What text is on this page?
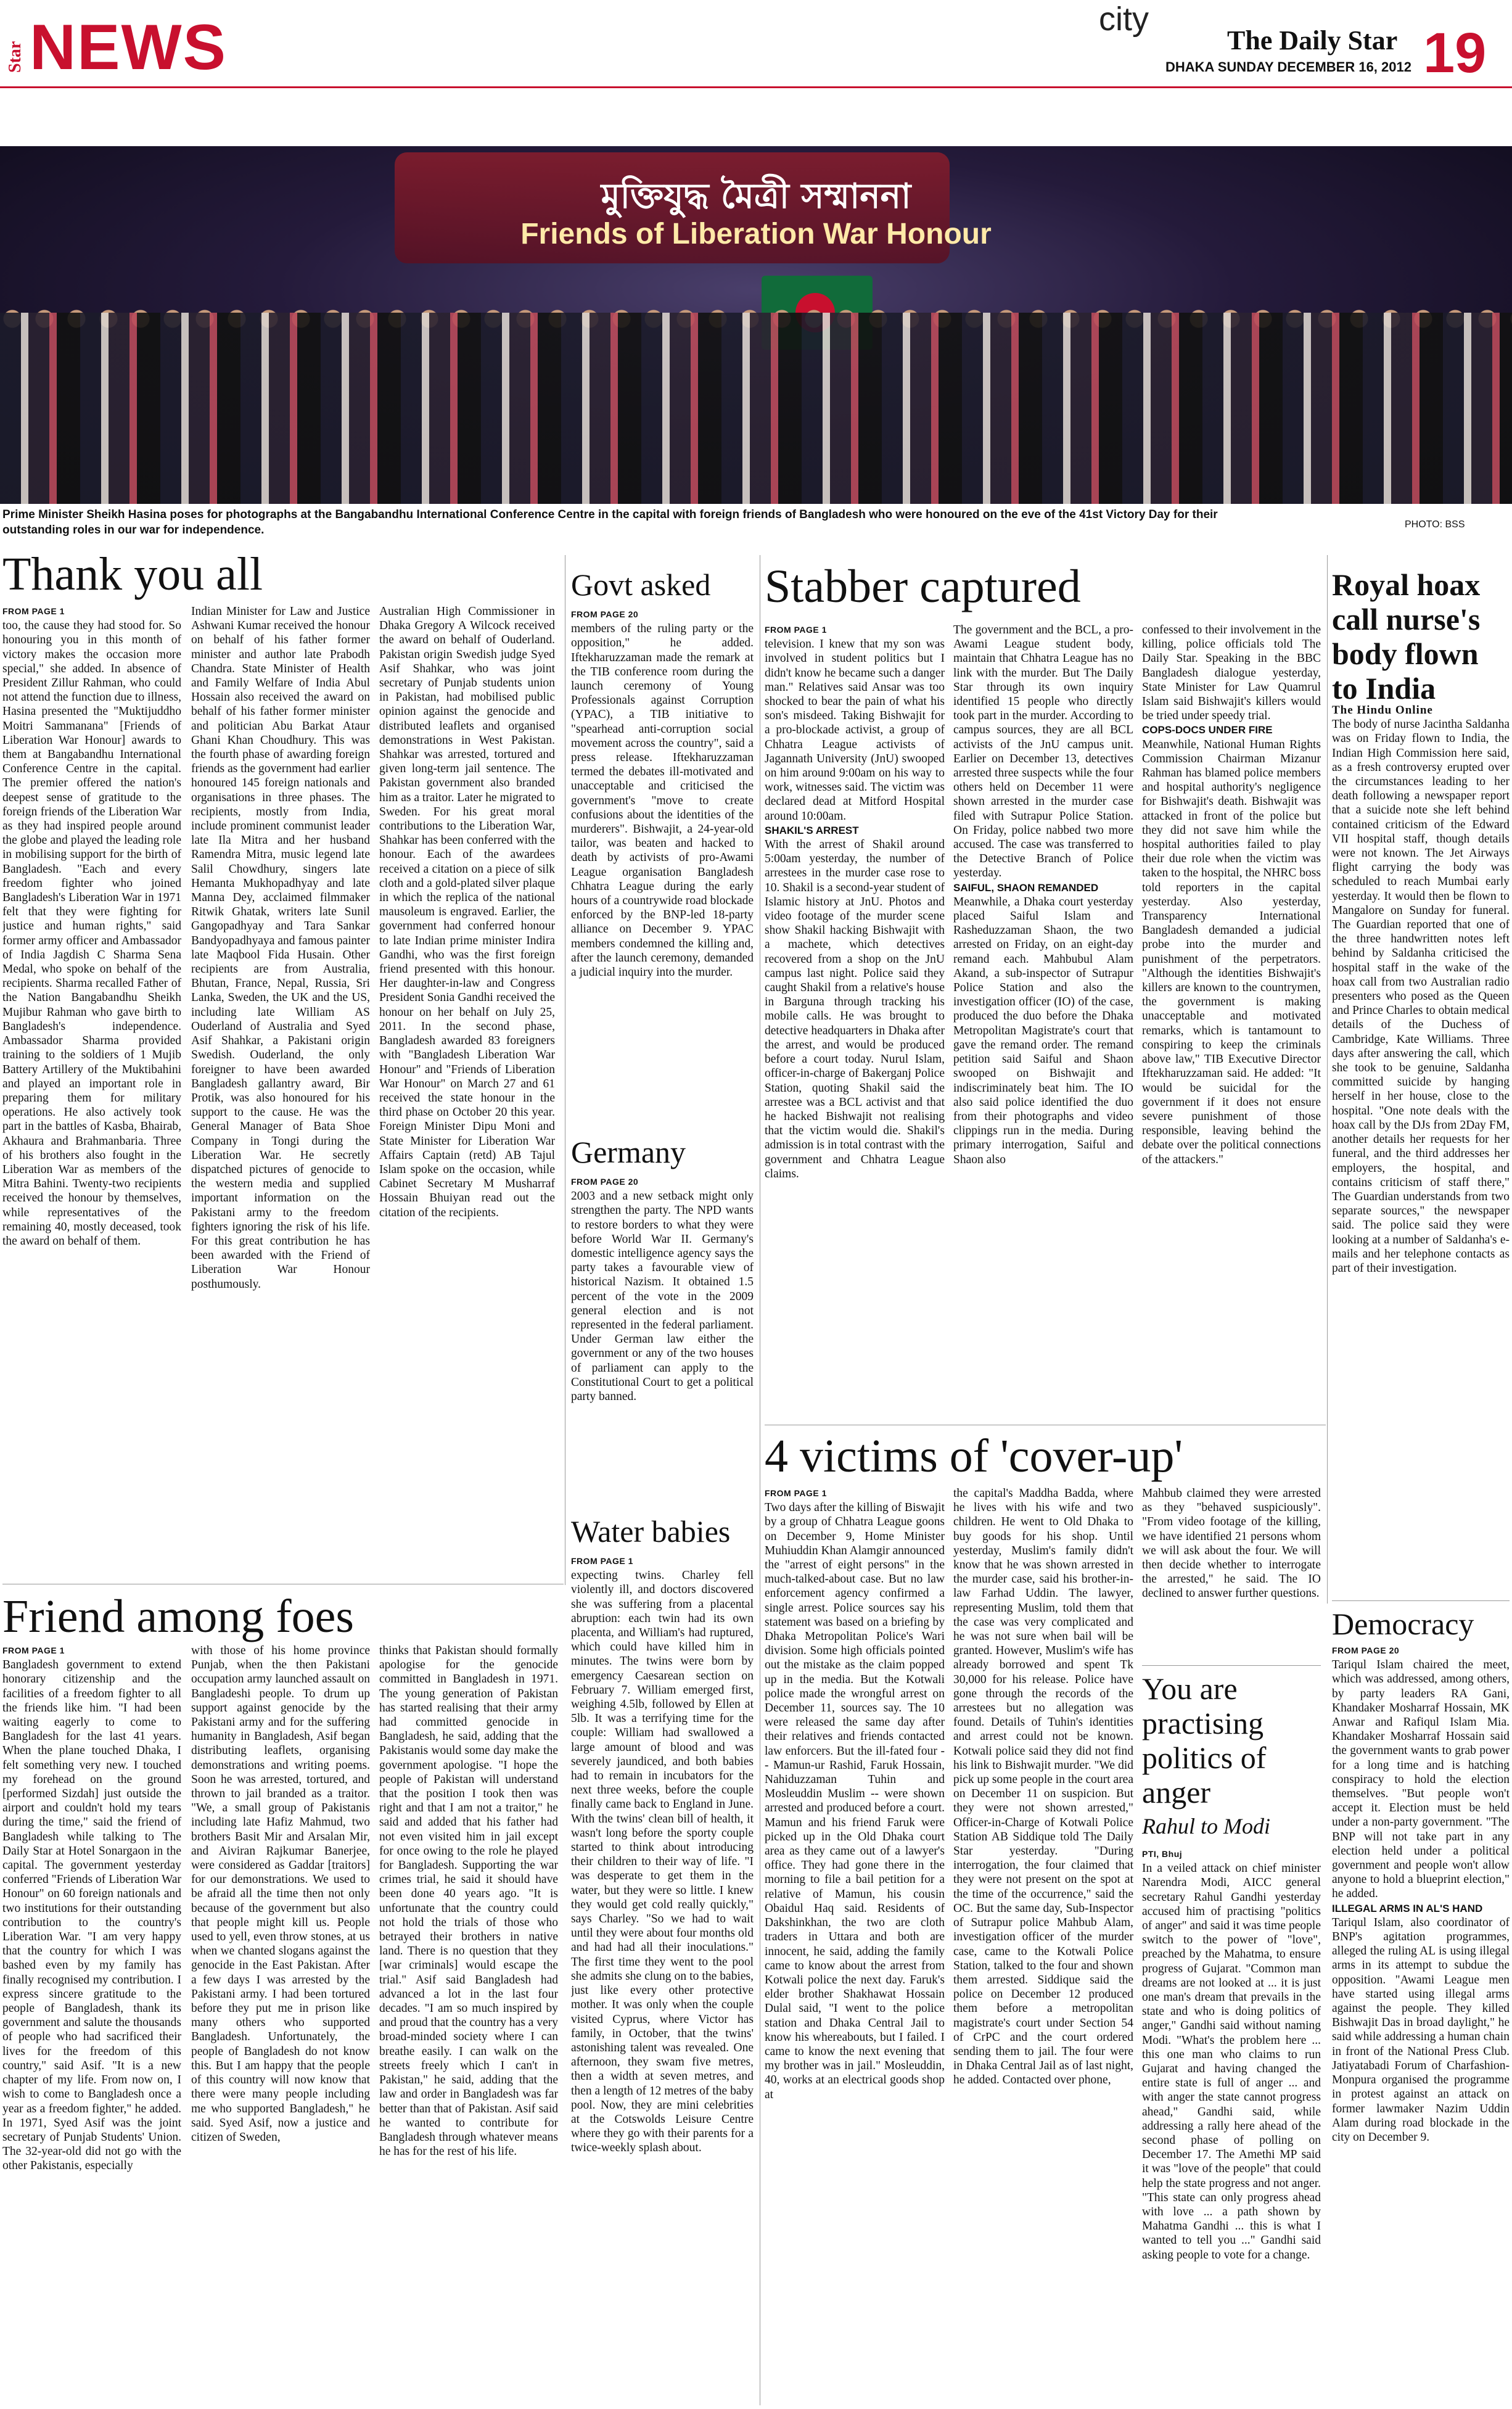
Star NEWS	city
The Daily Star
DHAKA SUNDAY DECEMBER 16, 2012 19
মুক্তিযুদ্ধ মৈত্রী সম্মাননা
Friends of Liberation War Honour
Prime Minister Sheikh Hasina poses for photographs at the Bangabandhu International Conference Centre in the capital with foreign friends of Bangladesh who were honoured on the eve of the 41st Victory Day for their outstanding roles in our war for independence.	PHOTO: BSS
Thank you all
FROM PAGE 1

too, the cause they had stood for. So honouring you in this month of victory makes the occasion more special," she added. In absence of President Zillur Rahman, who could not attend the function due to illness, Hasina presented the "Muktijuddho Moitri Sammanana" [Friends of Liberation War Honour] awards to them at Bangabandhu International Conference Centre in the capital. The premier offered the nation's deepest sense of gratitude to the foreign friends of the Liberation War as they had inspired people around the globe and played the leading role in mobilising support for the birth of Bangladesh. "Each and every freedom fighter who joined Bangladesh's Liberation War in 1971 felt that they were fighting for justice and human rights," said former army officer and Ambassador of India Jagdish C Sharma Sena Medal, who spoke on behalf of the recipients. Sharma recalled Father of the Nation Bangabandhu Sheikh Mujibur Rahman who gave birth to Bangladesh's independence. Ambassador Sharma provided training to the soldiers of 1 Mujib Battery Artillery of the Muktibahini and played an important role in preparing them for military operations. He also actively took part in the battles of Kasba, Bhairab, Akhaura and Brahmanbaria. Three of his brothers also fought in the Liberation War as members of the Mitra Bahini. Twenty-two recipients received the honour by themselves, while representatives of the remaining 40, mostly deceased, took the award on behalf of them.

Indian Minister for Law and Justice Ashwani Kumar received the honour on behalf of his father former minister and author late Prabodh Chandra. State Minister of Health and Family Welfare of India Abul Hossain also received the award on behalf of his father former minister and politician Abu Barkat Ataur Ghani Khan Choudhury. This was the fourth phase of awarding foreign friends as the government had earlier honoured 145 foreign nationals and organisations in three phases. The recipients, mostly from India, include prominent communist leader late Ila Mitra and her husband Ramendra Mitra, music legend late Salil Chowdhury, singers late Hemanta Mukhopadhyay and late Manna Dey, acclaimed filmmaker Ritwik Ghatak, writers late Sunil Gangopadhyay and Tara Sankar Bandyopadhyaya and famous painter late Maqbool Fida Husain. Other recipients are from Australia, Bhutan, France, Nepal, Russia, Sri Lanka, Sweden, the UK and the US, including late William AS Ouderland of Australia and Syed Asif Shahkar, a Pakistani origin Swedish. Ouderland, the only foreigner to have been awarded Bangladesh gallantry award, Bir Protik, was also honoured for his support to the cause. He was the General Manager of Bata Shoe Company in Tongi during the Liberation War. He secretly dispatched pictures of genocide to the western media and supplied important information on the Pakistani army to the freedom fighters ignoring the risk of his life. For this great contribution he has been awarded with the Friend of Liberation War Honour posthumously.

Australian High Commissioner in Dhaka Gregory A Wilcock received the award on behalf of Ouderland. Pakistan origin Swedish judge Syed Asif Shahkar, who was joint secretary of Punjab students union in Pakistan, had mobilised public opinion against the genocide and distributed leaflets and organised demonstrations in West Pakistan. Shahkar was arrested, tortured and given long-term jail sentence. The Pakistan government also branded him as a traitor. Later he migrated to Sweden. For his great moral contributions to the Liberation War, Shahkar has been conferred with the honour. Each of the awardees received a citation on a piece of silk cloth and a gold-plated silver plaque in which the replica of the national mausoleum is engraved. Earlier, the government had conferred honour to late Indian prime minister Indira Gandhi, who was the first foreign friend presented with this honour. Her daughter-in-law and Congress President Sonia Gandhi received the honour on her behalf on July 25, 2011. In the second phase, Bangladesh awarded 83 foreigners with "Bangladesh Liberation War Honour" and "Friends of Liberation War Honour" on March 27 and 61 received the state honour in the third phase on October 20 this year. Foreign Minister Dipu Moni and State Minister for Liberation War Affairs Captain (retd) AB Tajul Islam spoke on the occasion, while Cabinet Secretary M Musharraf Hossain Bhuiyan read out the citation of the recipients.

Govt asked
FROM PAGE 20

members of the ruling party or the opposition," he added. Iftekharuzzaman made the remark at the TIB conference room during the launch ceremony of Young Professionals against Corruption (YPAC), a TIB initiative to "spearhead anti-corruption social movement across the country", said a press release. Iftekharuzzaman termed the debates ill-motivated and unacceptable and criticised the government's "move to create confusions about the identities of the murderers". Bishwajit, a 24-year-old tailor, was beaten and hacked to death by activists of pro-Awami League organisation Bangladesh Chhatra League during the early hours of a countrywide road blockade enforced by the BNP-led 18-party alliance on December 9. YPAC members condemned the killing and, after the launch ceremony, demanded a judicial inquiry into the murder.

Germany
FROM PAGE 20

2003 and a new setback might only strengthen the party. The NPD wants to restore borders to what they were before World War II. Germany's domestic intelligence agency says the party takes a favourable view of historical Nazism. It obtained 1.5 percent of the vote in the 2009 general election and is not represented in the federal parliament. Under German law either the government or any of the two houses of parliament can apply to the Constitutional Court to get a political party banned.

Water babies
FROM PAGE 1

expecting twins. Charley fell violently ill, and doctors discovered she was suffering from a placental abruption: each twin had its own placenta, and William's had ruptured, which could have killed him in minutes. The twins were born by emergency Caesarean section on February 7. William emerged first, weighing 4.5lb, followed by Ellen at 5lb. It was a terrifying time for the couple: William had swallowed a large amount of blood and was severely jaundiced, and both babies had to remain in incubators for the next three weeks, before the couple finally came back to England in June. With the twins' clean bill of health, it wasn't long before the sporty couple started to think about introducing their children to their way of life. "I was desperate to get them in the water, but they were so little. I knew they would get cold really quickly," says Charley. "So we had to wait until they were about four months old and had had all their inoculations." The first time they went to the pool she admits she clung on to the babies, just like every other protective mother. It was only when the couple visited Cyprus, where Victor has family, in October, that the twins' astonishing talent was revealed. One afternoon, they swam five metres, then a width at seven metres, and then a length of 12 metres of the baby pool. Now, they are mini celebrities at the Cotswolds Leisure Centre where they go with their parents for a twice-weekly splash about.

Stabber captured
FROM PAGE 1

television. I knew that my son was involved in student politics but I didn't know he became such a danger man." Relatives said Ansar was too shocked to bear the pain of what his son's misdeed. Taking Bishwajit for a pro-blockade activist, a group of Chhatra League activists of Jagannath University (JnU) swooped on him around 9:00am on his way to work, witnesses said. The victim was declared dead at Mitford Hospital around 10:00am.

SHAKIL'S ARREST

With the arrest of Shakil around 5:00am yesterday, the number of arrestees in the murder case rose to 10. Shakil is a second-year student of Islamic history at JnU. Photos and video footage of the murder scene show Shakil hacking Bishwajit with a machete, which detectives recovered from a shop on the JnU campus last night. Police said they caught Shakil from a relative's house in Barguna through tracking his mobile calls. He was brought to detective headquarters in Dhaka after the arrest, and would be produced before a court today. Nurul Islam, officer-in-charge of Bakerganj Police Station, quoting Shakil said the arrestee was a BCL activist and that he hacked Bishwajit not realising that the victim would die. Shakil's admission is in total contrast with the government and Chhatra League claims.

The government and the BCL, a pro-Awami League student body, maintain that Chhatra League has no link with the murder. But The Daily Star through its own inquiry identified 15 people who directly took part in the murder. According to campus sources, they are all BCL activists of the JnU campus unit. Earlier on December 13, detectives arrested three suspects while the four others held on December 11 were shown arrested in the murder case filed with Sutrapur Police Station. On Friday, police nabbed two more accused. The case was transferred to the Detective Branch of Police yesterday.

SAIFUL, SHAON REMANDED

Meanwhile, a Dhaka court yesterday placed Saiful Islam and Rasheduzzaman Shaon, the two arrested on Friday, on an eight-day remand each. Mahbubul Alam Akand, a sub-inspector of Sutrapur Police Station and also the investigation officer (IO) of the case, produced the duo before the Dhaka Metropolitan Magistrate's court that gave the remand order. The remand petition said Saiful and Shaon swooped on Bishwajit and indiscriminately beat him. The IO also said police identified the duo from their photographs and video clippings run in the media. During primary interrogation, Saiful and Shaon also

confessed to their involvement in the killing, police officials told The Daily Star. Speaking in the BBC Bangladesh dialogue yesterday, State Minister for Law Quamrul Islam said Bishwajit's killers would be tried under speedy trial.

COPS-DOCS UNDER FIRE

Meanwhile, National Human Rights Commission Chairman Mizanur Rahman has blamed police members and hospital authority's negligence for Bishwajit's death. Bishwajit was attacked in front of the police but they did not save him while the hospital authorities failed to play their due role when the victim was taken to the hospital, the NHRC boss told reporters in the capital yesterday. Also yesterday, Transparency International Bangladesh demanded a judicial probe into the murder and punishment of the perpetrators. "Although the identities Bishwajit's killers are known to the countrymen, the government is making unacceptable and motivated remarks, which is tantamount to conspiring to keep the criminals above law," TIB Executive Director Iftekharuzzaman said. He added: "It would be suicidal for the government if it does not ensure severe punishment of those responsible, leaving behind the debate over the political connections of the attackers."

Royal hoax call nurse's body flown to India
The Hindu Online

The body of nurse Jacintha Saldanha was on Friday flown to India, the Indian High Commission here said, as a fresh controversy erupted over the circumstances leading to her death following a newspaper report that a suicide note she left behind contained criticism of the Edward VII hospital staff, though details were not known. The Jet Airways flight carrying the body was scheduled to reach Mumbai early yesterday. It would then be flown to Mangalore on Sunday for funeral. The Guardian reported that one of the three handwritten notes left behind by Saldanha criticised the hospital staff in the wake of the hoax call from two Australian radio presenters who posed as the Queen and Prince Charles to obtain medical details of the Duchess of Cambridge, Kate Williams. Three days after answering the call, which she took to be genuine, Saldanha committed suicide by hanging herself in her house, close to the hospital. "One note deals with the hoax call by the DJs from 2Day FM, another details her requests for her funeral, and the third addresses her employers, the hospital, and contains criticism of staff there," The Guardian understands from two separate sources," the newspaper said. The police said they were looking at a number of Saldanha's e-mails and her telephone contacts as part of their investigation.

Democracy
FROM PAGE 20

Tariqul Islam chaired the meet, which was addressed, among others, by party leaders RA Gani, Khandaker Mosharraf Hossain, MK Anwar and Rafiqul Islam Mia. Khandaker Mosharraf Hossain said the government wants to grab power for a long time and is hatching conspiracy to hold the election themselves. "But people won't accept it. Election must be held under a non-party government. "The BNP will not take part in any election held under a political government and people won't allow anyone to hold a blueprint election," he added.

ILLEGAL ARMS IN AL'S HAND

Tariqul Islam, also coordinator of BNP's agitation programmes, alleged the ruling AL is using illegal arms in its attempt to subdue the opposition. "Awami League men have started using illegal arms against the people. They killed Bishwajit Das in broad daylight," he said while addressing a human chain in front of the National Press Club. Jatiyatabadi Forum of Charfashion-Monpura organised the programme in protest against an attack on former lawmaker Nazim Uddin Alam during road blockade in the city on December 9.

Friend among foes
FROM PAGE 1

Bangladesh government to extend honorary citizenship and the facilities of a freedom fighter to all the friends like him. "I had been waiting eagerly to come to Bangladesh for the last 41 years. When the plane touched Dhaka, I felt something very new. I touched my forehead on the ground [performed Sizdah] just outside the airport and couldn't hold my tears during the time," said the friend of Bangladesh while talking to The Daily Star at Hotel Sonargaon in the capital. The government yesterday conferred "Friends of Liberation War Honour" on 60 foreign nationals and two institutions for their outstanding contribution to the country's Liberation War. "I am very happy that the country for which I was bashed even by my family has finally recognised my contribution. I express sincere gratitude to the people of Bangladesh, thank its government and salute the thousands of people who had sacrificed their lives for the freedom of this country," said Asif. "It is a new chapter of my life. From now on, I wish to come to Bangladesh once a year as a freedom fighter," he added. In 1971, Syed Asif was the joint secretary of Punjab Students' Union. The 32-year-old did not go with the other Pakistanis, especially

with those of his home province Punjab, when the then Pakistani occupation army launched assault on Bangladeshi people. To drum up support against genocide by the Pakistani army and for the suffering humanity in Bangladesh, Asif began distributing leaflets, organising demonstrations and writing poems. Soon he was arrested, tortured, and thrown to jail branded as a traitor. "We, a small group of Pakistanis including late Hafiz Mahmud, two brothers Basit Mir and Arsalan Mir, and Aiviran Rajkumar Banerjee, were considered as Gaddar [traitors] for our demonstrations. We used to be afraid all the time then not only because of the government but also that people might kill us. People used to yell, even throw stones, at us when we chanted slogans against the genocide in the East Pakistan. After a few days I was arrested by the Pakistani army. I had been tortured before they put me in prison like many others who supported Bangladesh. Unfortunately, the people of Bangladesh do not know this. But I am happy that the people of this country will now know that there were many people including me who supported Bangladesh," he said. Syed Asif, now a justice and citizen of Sweden,

thinks that Pakistan should formally apologise for the genocide committed in Bangladesh in 1971. The young generation of Pakistan has started realising that their army had committed genocide in Bangladesh, he said, adding that the Pakistanis would some day make the government apologise. "I hope the people of Pakistan will understand that the position I took then was right and that I am not a traitor," he said and added that his father had not even visited him in jail except for once owing to the role he played for Bangladesh. Supporting the war crimes trial, he said it should have been done 40 years ago. "It is unfortunate that the country could not hold the trials of those who betrayed their brothers in native land. There is no question that they [war criminals] would escape the trial." Asif said Bangladesh had advanced a lot in the last four decades. "I am so much inspired by and proud that the country has a very broad-minded society where I can breathe easily. I can walk on the streets freely which I can't in Pakistan," he said, adding that the law and order in Bangladesh was far better than that of Pakistan. Asif said he wanted to contribute for Bangladesh through whatever means he has for the rest of his life.

4 victims of 'cover-up'
FROM PAGE 1

Two days after the killing of Biswajit by a group of Chhatra League goons on December 9, Home Minister Muhiuddin Khan Alamgir announced the "arrest of eight persons" in the much-talked-about case. But no law enforcement agency confirmed a single arrest. Police sources say his statement was based on a briefing by Dhaka Metropolitan Police's Wari division. Some high officials pointed out the mistake as the claim popped up in the media. But the Kotwali police made the wrongful arrest on December 11, sources say. The 10 were released the same day after their relatives and friends contacted law enforcers. But the ill-fated four -- Mamun-ur Rashid, Faruk Hossain, Nahiduzzaman Tuhin and Mosleuddin Muslim -- were shown arrested and produced before a court. Mamun and his friend Faruk were picked up in the Old Dhaka court area as they came out of a lawyer's office. They had gone there in the morning to file a bail petition for a relative of Mamun, his cousin Obaidul Haq said. Residents of Dakshinkhan, the two are cloth traders in Uttara and both are innocent, he said, adding the family came to know about the arrest from Kotwali police the next day. Faruk's elder brother Shakhawat Hossain Dulal said, "I went to the police station and Dhaka Central Jail to know his whereabouts, but I failed. I came to know the next evening that my brother was in jail." Mosleuddin, 40, works at an electrical goods shop at

the capital's Maddha Badda, where he lives with his wife and two children. He went to Old Dhaka to buy goods for his shop. Until yesterday, Muslim's family didn't know that he was shown arrested in the murder case, said his brother-in-law Farhad Uddin. The lawyer, representing Muslim, told them that the case was very complicated and he was not sure when bail will be granted. However, Muslim's wife has already borrowed and spent Tk 30,000 for his release. Police have gone through the records of the arrestees but no allegation was found. Details of Tuhin's identities and arrest could not be known. Kotwali police said they did not find his link to Bishwajit murder. "We did pick up some people in the court area on December 11 on suspicion. But they were not shown arrested," Officer-in-Charge of Kotwali Police Station AB Siddique told The Daily Star yesterday. "During interrogation, the four claimed that they were not present on the spot at the time of the occurrence," said the OC. But the same day, Sub-Inspector of Sutrapur police Mahbub Alam, investigation officer of the murder case, came to the Kotwali Police Station, talked to the four and shown them arrested. Siddique said the police on December 12 produced them before a metropolitan magistrate's court under Section 54 of CrPC and the court ordered sending them to jail. The four were in Dhaka Central Jail as of last night, he added. Contacted over phone,

Mahbub claimed they were arrested as they "behaved suspiciously". "From video footage of the killing, we have identified 21 persons whom we will ask about the four. We will then decide whether to interrogate the arrested," he said. The IO declined to answer further questions.

You are practising politics of anger
Rahul to Modi
PTI, Bhuj

In a veiled attack on chief minister Narendra Modi, AICC general secretary Rahul Gandhi yesterday accused him of practising "politics of anger" and said it was time people switch to the power of "love", preached by the Mahatma, to ensure progress of Gujarat. "Common man dreams are not looked at ... it is just one man's dream that prevails in the state and who is doing politics of anger," Gandhi said without naming Modi. "What's the problem here ... this one man who claims to run Gujarat and having changed the entire state is full of anger ... and with anger the state cannot progress ahead," Gandhi said, while addressing a rally here ahead of the second phase of polling on December 17. The Amethi MP said it was "love of the people" that could help the state progress and not anger. "This state can only progress ahead with love ... a path shown by Mahatma Gandhi ... this is what I wanted to tell you ..." Gandhi said asking people to vote for a change.
